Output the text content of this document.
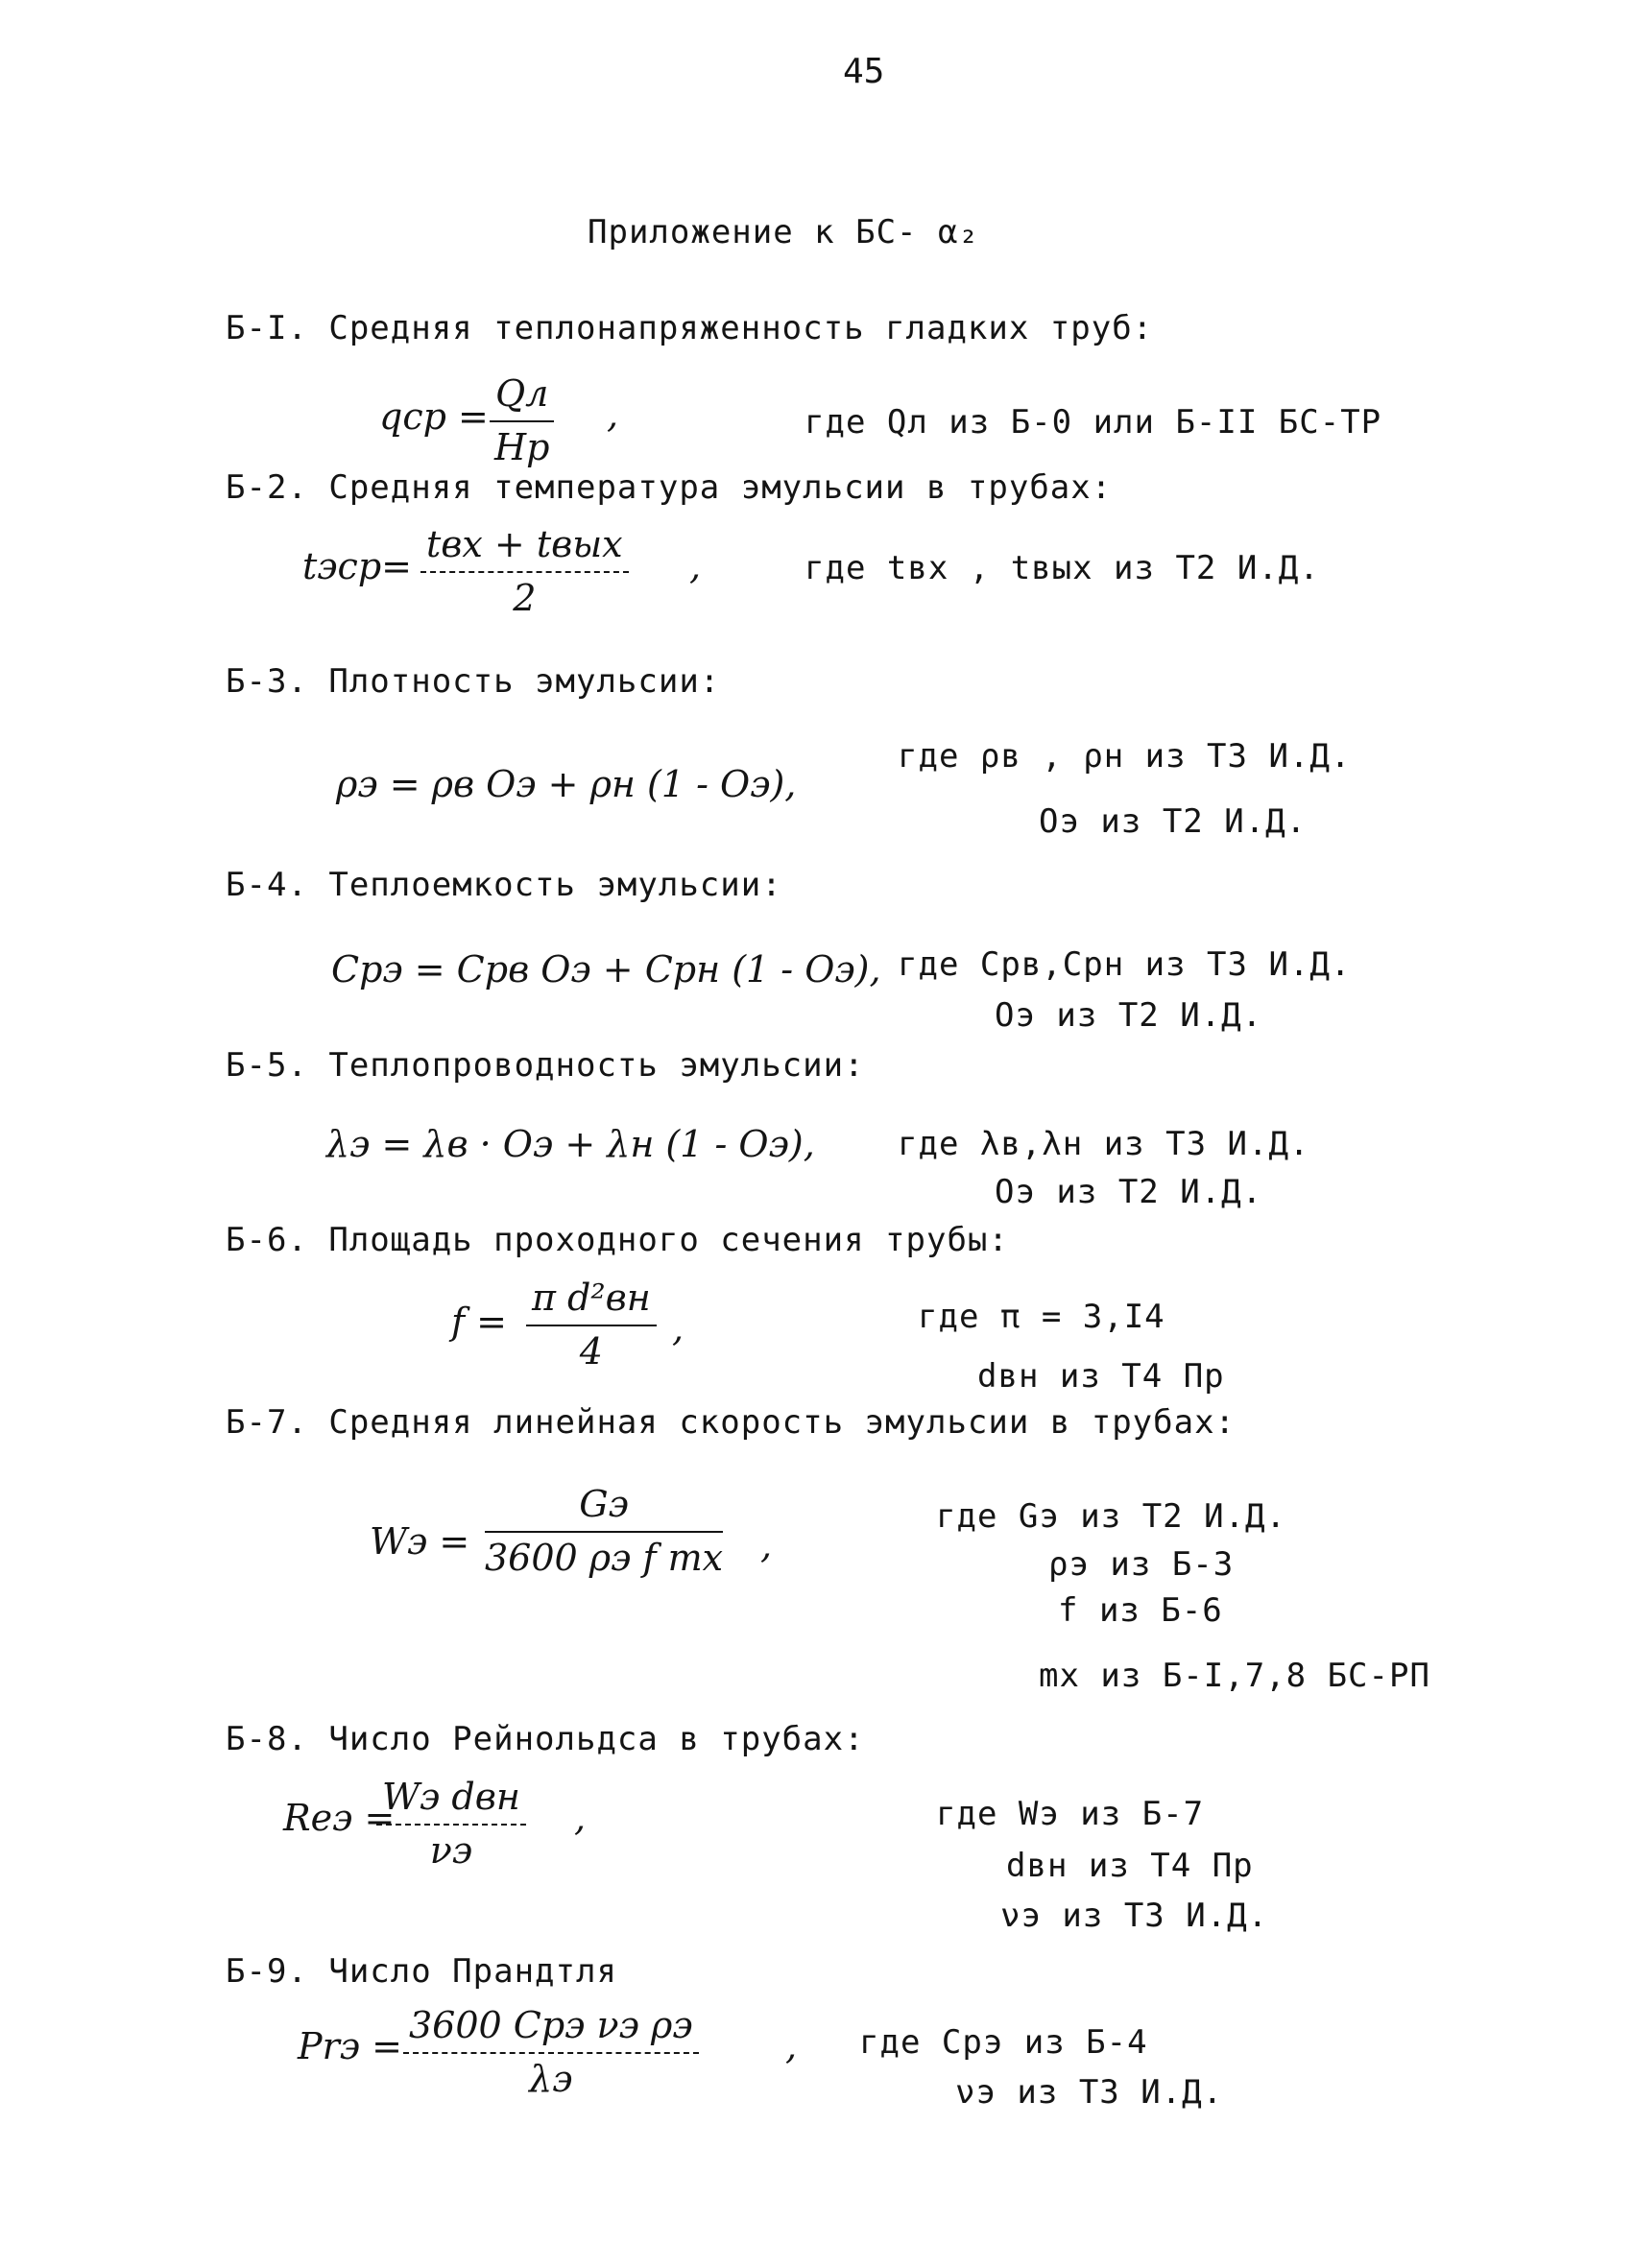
45
Приложение к БС- α₂
Б-I. Средняя теплонапряженность гладких труб:
qср =
Qл
Hр
,	где Qл из Б-0 или Б-II БС-ТР
Б-2. Средняя температура эмульсии в трубах:
tэср=
tвх + tвых
2
,	где tвх , tвых из Т2 И.Д.
Б-3. Плотность эмульсии:
ρэ = ρв Oэ + ρн (1 - Oэ),
где ρв , ρн из Т3 И.Д.
Oэ из Т2 И.Д.
Б-4. Теплоемкость эмульсии:
Cрэ = Cрв Oэ + Cрн (1 - Oэ), где Cрв,Cрн из Т3 И.Д.
Oэ из Т2 И.Д.
Б-5. Теплопроводность эмульсии:
λэ = λв · Oэ + λн (1 - Oэ),	где λв,λн из Т3 И.Д.
Oэ из Т2 И.Д.
Б-6. Площадь проходного сечения трубы:
f =
π d²вн
4
,	где π = 3,I4
dвн из Т4 Пр
Б-7. Средняя линейная скорость эмульсии в трубах:
Wэ =
Gэ
3600 ρэ f mх ,
где Gэ из Т2 И.Д.
ρэ из Б-3
f из Б-6
mх из Б-I,7,8 БС-РП
Б-8. Число Рейнольдса в трубах:
Reэ =
Wэ dвн
νэ
,	где Wэ из Б-7
dвн из Т4 Пр
νэ из Т3 И.Д.
Б-9. Число Прандтля
Prэ = 3600 Cрэ νэ ρэ
λэ
, где Cрэ из Б-4
νэ из Т3 И.Д.
